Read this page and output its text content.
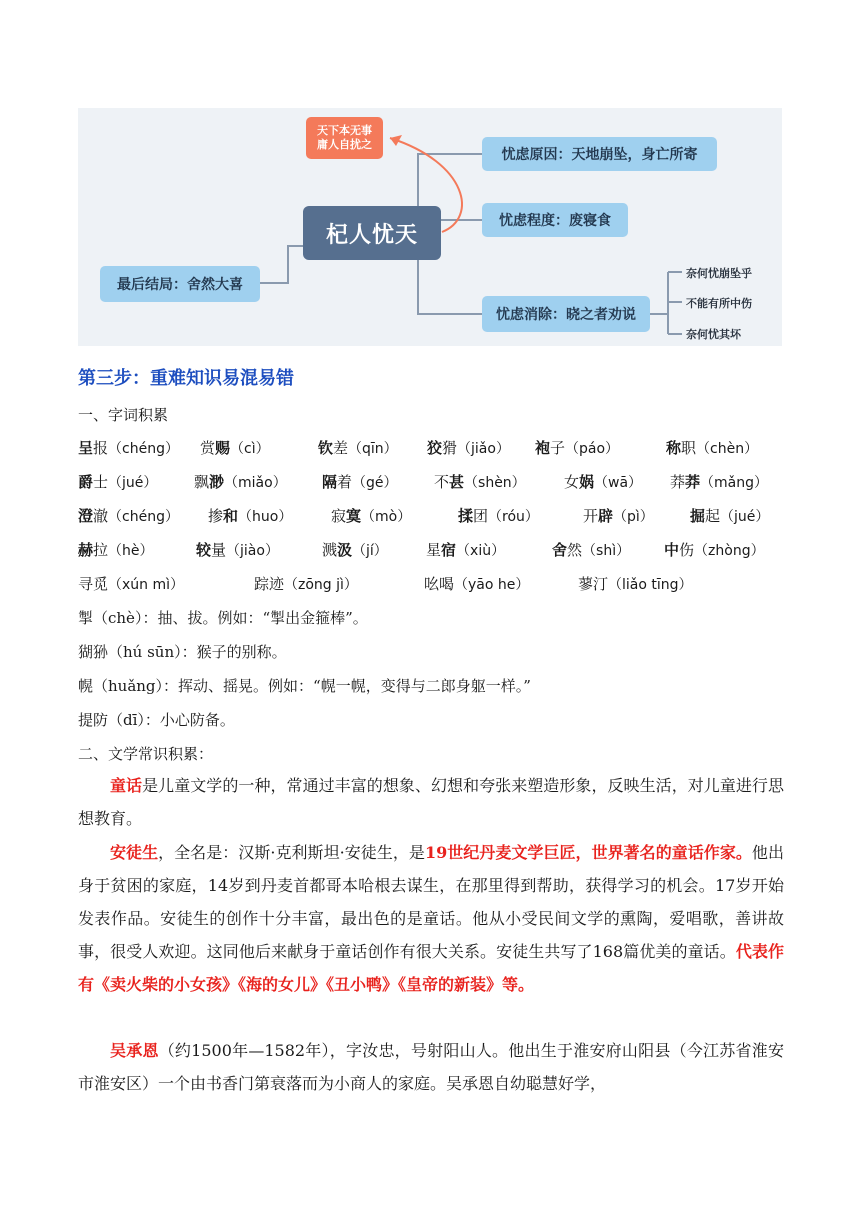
天下本无事
庸人自扰之
杞人忧天
忧虑原因：天地崩坠，身亡所寄
忧虑程度：废寝食
忧虑消除：晓之者劝说
最后结局：舍然大喜
奈何忧崩坠乎
不能有所中伤
奈何忧其坏
第三步：重难知识易混易错
一、字词积累
呈报（chéng） 赏赐（cì）	钦差（qīn） 狡猾（jiǎo） 袍子（páo）	称职（chèn）
爵士（jué） 飘渺（miǎo） 隔着（gé） 不甚（shèn）	女娲（wā） 莽莽（mǎng）
澄澈（chéng） 掺和（huo）	寂寞（mò）	揉团（róu）	开辟（pì） 掘起（jué）
赫拉（hè）	较量（jiào）	溅汲（jí）	星宿（xiù）	舍然（shì） 中伤（zhòng）
寻觅（xún mì）	踪迹（zōng jì）	吆喝（yāo he）	蓼汀（liǎo tīng）
掣（chè）：抽、拔。例如：“掣出金箍棒”。
猢狲（hú sūn）：猴子的别称。
幌（huǎng）：挥动、摇晃。例如：“幌一幌，变得与二郎身躯一样。”
提防（dī）：小心防备。
二、文学常识积累：
童话是儿童文学的一种，常通过丰富的想象、幻想和夸张来塑造形象，反映生活，对儿童进行思想教育。
安徒生，全名是：汉斯·克利斯坦·安徒生，是19世纪丹麦文学巨匠，世界著名的童话作家。他出身于贫困的家庭，14岁到丹麦首都哥本哈根去谋生，在那里得到帮助，获得学习的机会。17岁开始发表作品。安徒生的创作十分丰富，最出色的是童话。他从小受民间文学的熏陶，爱唱歌，善讲故事，很受人欢迎。这同他后来献身于童话创作有很大关系。安徒生共写了168篇优美的童话。代表作有《卖火柴的小女孩》《海的女儿》《丑小鸭》《皇帝的新装》等。
吴承恩（约1500年—1582年），字汝忠，号射阳山人。他出生于淮安府山阳县（今江苏省淮安市淮安区）一个由书香门第衰落而为小商人的家庭。吴承恩自幼聪慧好学，
